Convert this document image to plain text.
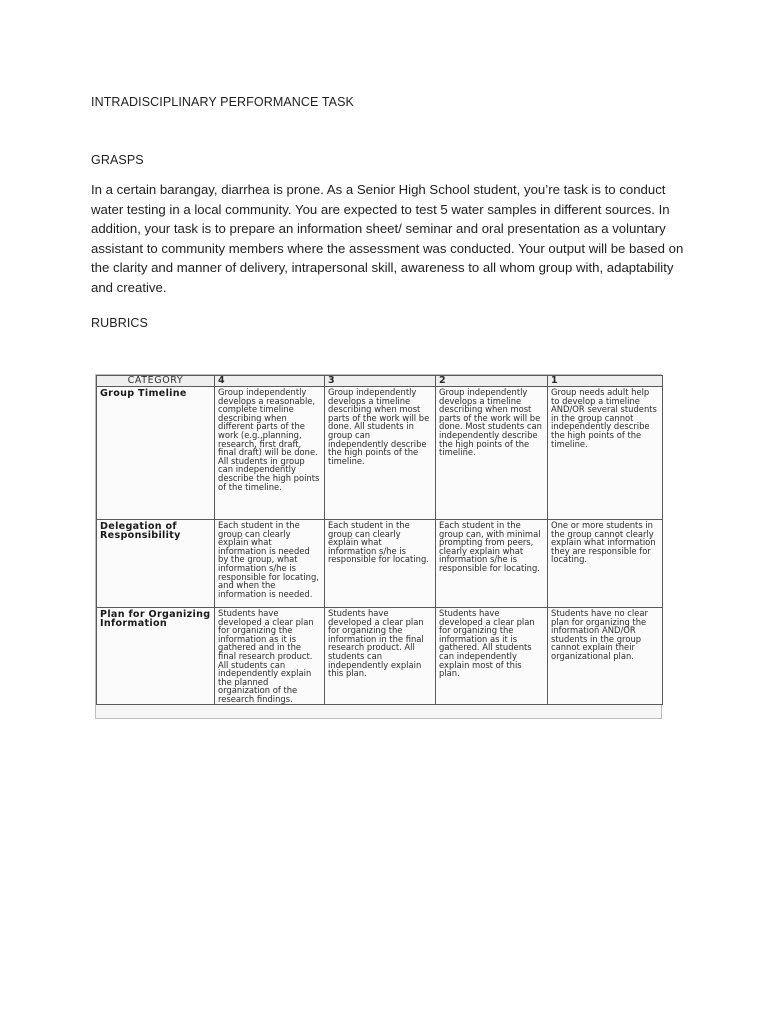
INTRADISCIPLINARY PERFORMANCE TASK
GRASPS

In a certain barangay, diarrhea is prone. As a Senior High School student, you’re task is to conduct water testing in a local community. You are expected to test 5 water samples in different sources. In addition, your task is to prepare an information sheet/ seminar and oral presentation as a voluntary assistant to community members where the assessment was conducted. Your output will be based on the clarity and manner of delivery, intrapersonal skill, awareness to all whom group with, adaptability and creative.

RUBRICS
CATEGORY	4	3	2	1
Group Timeline	Group independently develops a reasonable, complete timeline describing when different parts of the work (e.g.,planning, research, first draft, final draft) will be done. All students in group can independently describe the high points of the timeline.	Group independently develops a timeline describing when most parts of the work will be done. All students in group can independently describe the high points of the timeline.	Group independently develops a timeline describing when most parts of the work will be done. Most students can independently describe the high points of the timeline.	Group needs adult help to develop a timeline AND/OR several students in the group cannot independently describe the high points of the timeline.
Delegation of Responsibility	Each student in the group can clearly explain what information is needed by the group, what information s/he is responsible for locating, and when the information is needed.	Each student in the group can clearly explain what information s/he is responsible for locating.	Each student in the group can, with minimal prompting from peers, clearly explain what information s/he is responsible for locating.	One or more students in the group cannot clearly explain what information they are responsible for locating.
Plan for Organizing Information	Students have developed a clear plan for organizing the information as it is gathered and in the final research product. All students can independently explain the planned organization of the research findings.	Students have developed a clear plan for organizing the information in the final research product. All students can independently explain this plan.	Students have developed a clear plan for organizing the information as it is gathered. All students can independently explain most of this plan.	Students have no clear plan for organizing the information AND/OR students in the group cannot explain their organizational plan.
